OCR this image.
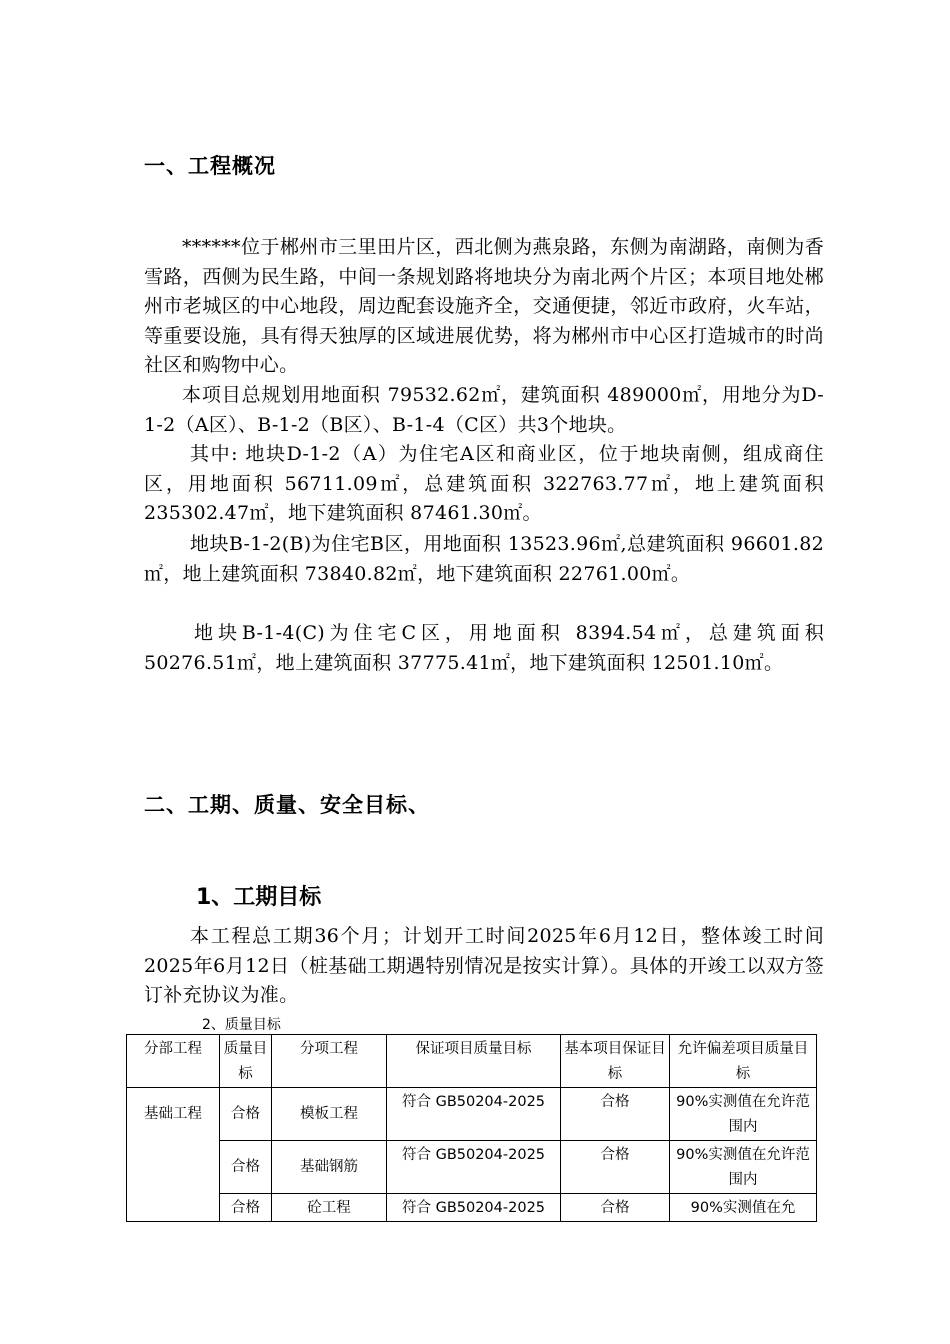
一、工程概况

******位于郴州市三里田片区，西北侧为燕泉路，东侧为南湖路，南侧为香雪路，西侧为民生路，中间一条规划路将地块分为南北两个片区；本项目地处郴州市老城区的中心地段，周边配套设施齐全，交通便捷，邻近市政府，火车站，等重要设施，具有得天独厚的区域进展优势，将为郴州市中心区打造城市的时尚社区和购物中心。

本项目总规划用地面积 79532.62㎡，建筑面积 489000㎡，用地分为D-1-2（A区）、B-1-2（B区）、B-1-4（C区）共3个地块。

其中: 地块D-1-2（A）为住宅A区和商业区，位于地块南侧，组成商住区，用地面积 56711.09㎡，总建筑面积 322763.77㎡，地上建筑面积 235302.47㎡，地下建筑面积 87461.30㎡。

地块B-1-2(B)为住宅B区，用地面积 13523.96㎡,总建筑面积 96601.82㎡，地上建筑面积 73840.82㎡，地下建筑面积 22761.00㎡。

地块B-1-4(C)为住宅C区，用地面积 8394.54㎡，总建筑面积 50276.51㎡，地上建筑面积 37775.41㎡，地下建筑面积 12501.10㎡。

二、工期、质量、安全目标、
1、工期目标

本工程总工期36个月；计划开工时间2025年6月12日，整体竣工时间2025年6月12日（桩基础工期遇特别情况是按实计算）。具体的开竣工以双方签订补充协议为准。

2、质量目标

分部工程	质量目标	分项工程	保证项目质量目标	基本项目保证目标	允许偏差项目质量目标
基础工程	合格	模板工程	符合 GB50204-2025	合格	90%实测值在允许范围内
	合格	基础钢筋	符合 GB50204-2025	合格	90%实测值在允许范围内
	合格	砼工程	符合 GB50204-2025	合格	90%实测值在允
